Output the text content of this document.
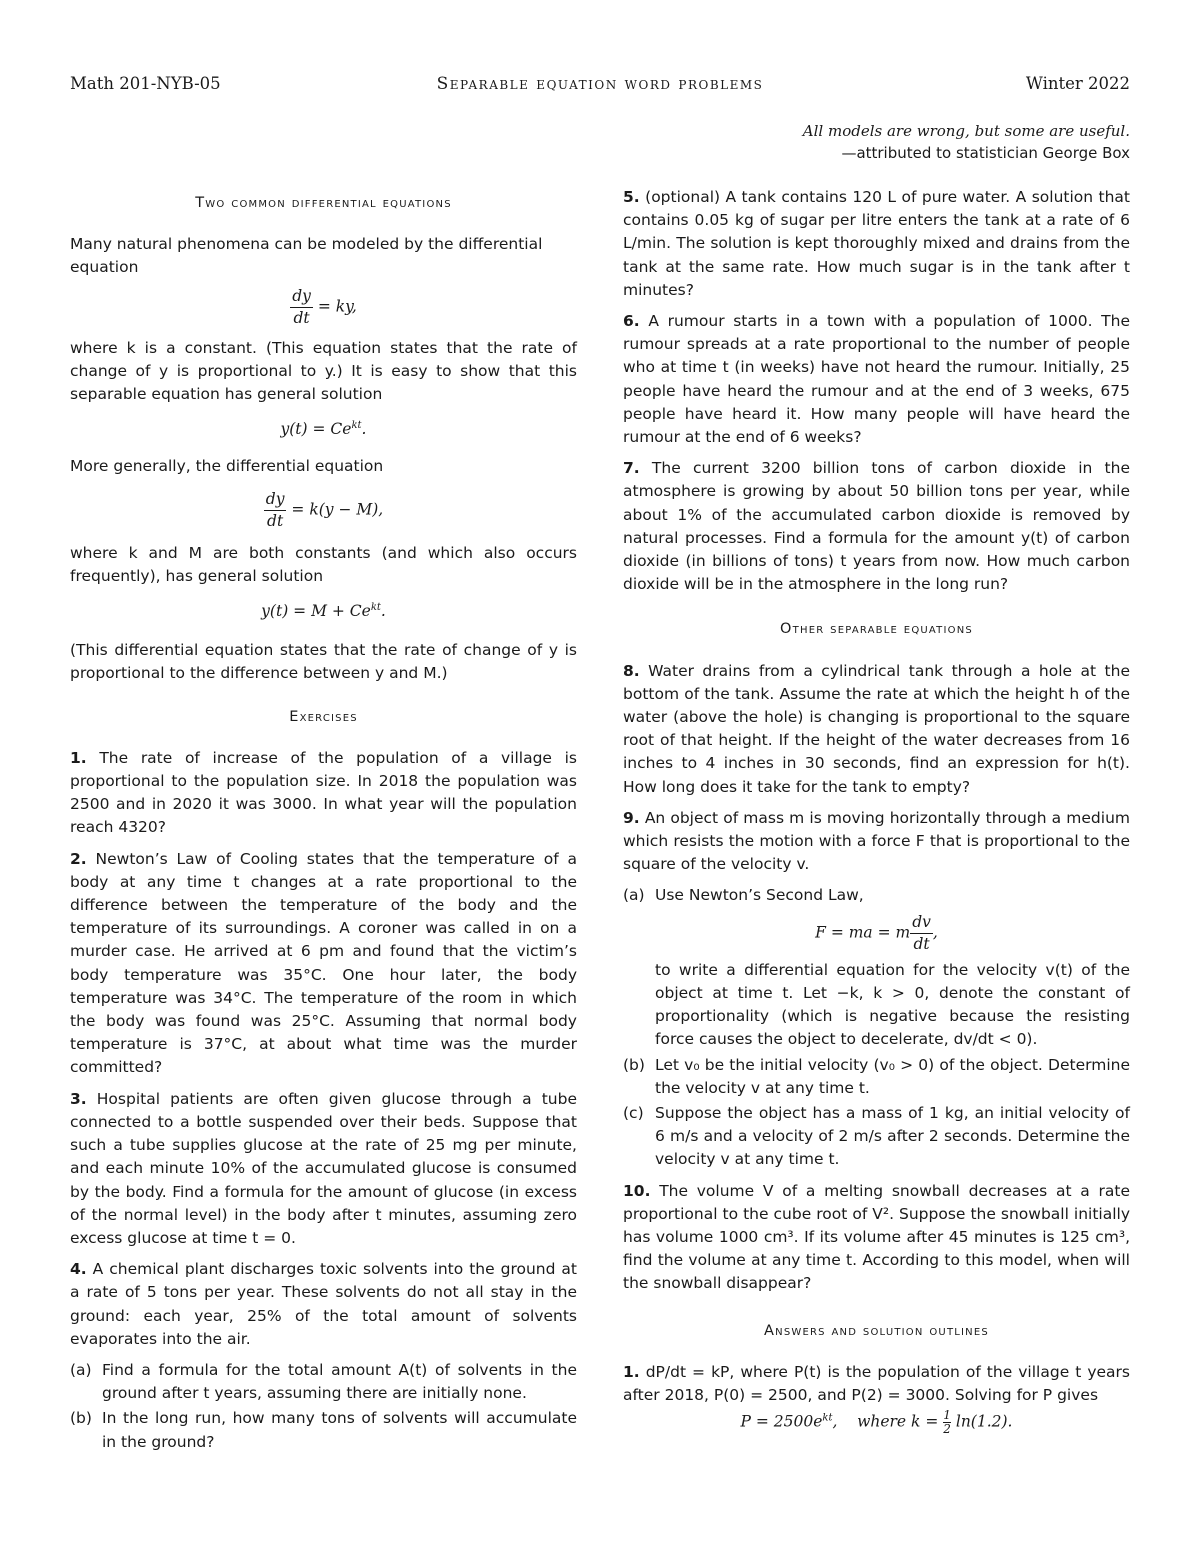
Math 201-NYB-05	Separable equation word problems	Winter 2022
All models are wrong, but some are useful.
—attributed to statistician George Box
Two common differential equations

Many natural phenomena can be modeled by the differential equation

$\frac{dy}{dt}$ = ky,

where k is a constant. (This equation states that the rate of change of y is proportional to y.) It is easy to show that this separable equation has general solution

$y(t) = Ce^{kt}$.

More generally, the differential equation

$\frac{dy}{dt} = k(y - M)$,

where k and M are both constants (and which also occurs frequently), has general solution

$y(t) = M + Ce^{kt}$.

(This differential equation states that the rate of change of y is proportional to the difference between y and M.)

Exercises

1. The rate of increase of the population of a village is proportional to the population size. In 2018 the population was 2500 and in 2020 it was 3000. In what year will the population reach 4320?

2. Newton’s Law of Cooling states that the temperature of a body at any time t changes at a rate proportional to the difference between the temperature of the body and the temperature of its surroundings. A coroner was called in on a murder case. He arrived at 6 pm and found that the victim’s body temperature was 35°C. One hour later, the body temperature was 34°C. The temperature of the room in which the body was found was 25°C. Assuming that normal body temperature is 37°C, at about what time was the murder committed?

3. Hospital patients are often given glucose through a tube connected to a bottle suspended over their beds. Suppose that such a tube supplies glucose at the rate of 25 mg per minute, and each minute 10% of the accumulated glucose is consumed by the body. Find a formula for the amount of glucose (in excess of the normal level) in the body after t minutes, assuming zero excess glucose at time t = 0.

4. A chemical plant discharges toxic solvents into the ground at a rate of 5 tons per year. These solvents do not all stay in the ground: each year, 25% of the total amount of solvents evaporates into the air.

(a) Find a formula for the total amount A(t) of solvents in the ground after t years, assuming there are initially none.
(b) In the long run, how many tons of solvents will accumulate in the ground?

5. (optional) A tank contains 120 L of pure water. A solution that contains 0.05 kg of sugar per litre enters the tank at a rate of 6 L/min. The solution is kept thoroughly mixed and drains from the tank at the same rate. How much sugar is in the tank after t minutes?

6. A rumour starts in a town with a population of 1000. The rumour spreads at a rate proportional to the number of people who at time t (in weeks) have not heard the rumour. Initially, 25 people have heard the rumour and at the end of 3 weeks, 675 people have heard it. How many people will have heard the rumour at the end of 6 weeks?

7. The current 3200 billion tons of carbon dioxide in the atmosphere is growing by about 50 billion tons per year, while about 1% of the accumulated carbon dioxide is removed by natural processes. Find a formula for the amount y(t) of carbon dioxide (in billions of tons) t years from now. How much carbon dioxide will be in the atmosphere in the long run?

Other separable equations

8. Water drains from a cylindrical tank through a hole at the bottom of the tank. Assume the rate at which the height h of the water (above the hole) is changing is proportional to the square root of that height. If the height of the water decreases from 16 inches to 4 inches in 30 seconds, find an expression for h(t). How long does it take for the tank to empty?

9. An object of mass m is moving horizontally through a medium which resists the motion with a force F that is proportional to the square of the velocity v.

(a) Use Newton’s Second Law,
F = ma = m $\frac{dv}{dt}$ ,
to write a differential equation for the velocity v(t) of the object at time t. Let −k, k > 0, denote the constant of proportionality (which is negative because the resisting force causes the object to decelerate, dv/dt < 0).
(b) Let v₀ be the initial velocity (v₀ > 0) of the object. Determine the velocity v at any time t.
(c) Suppose the object has a mass of 1 kg, an initial velocity of 6 m/s and a velocity of 2 m/s after 2 seconds. Determine the velocity v at any time t.

10. The volume V of a melting snowball decreases at a rate proportional to the cube root of V². Suppose the snowball initially has volume 1000 cm³. If its volume after 45 minutes is 125 cm³, find the volume at any time t. According to this model, when will the snowball disappear?

Answers and solution outlines

1. dP/dt = kP, where P(t) is the population of the village t years after 2018, P(0) = 2500, and P(2) = 3000. Solving for P gives

$P = 2500e^{kt}$,    where $k = \frac{1}{2} \ln(1.2)$.
